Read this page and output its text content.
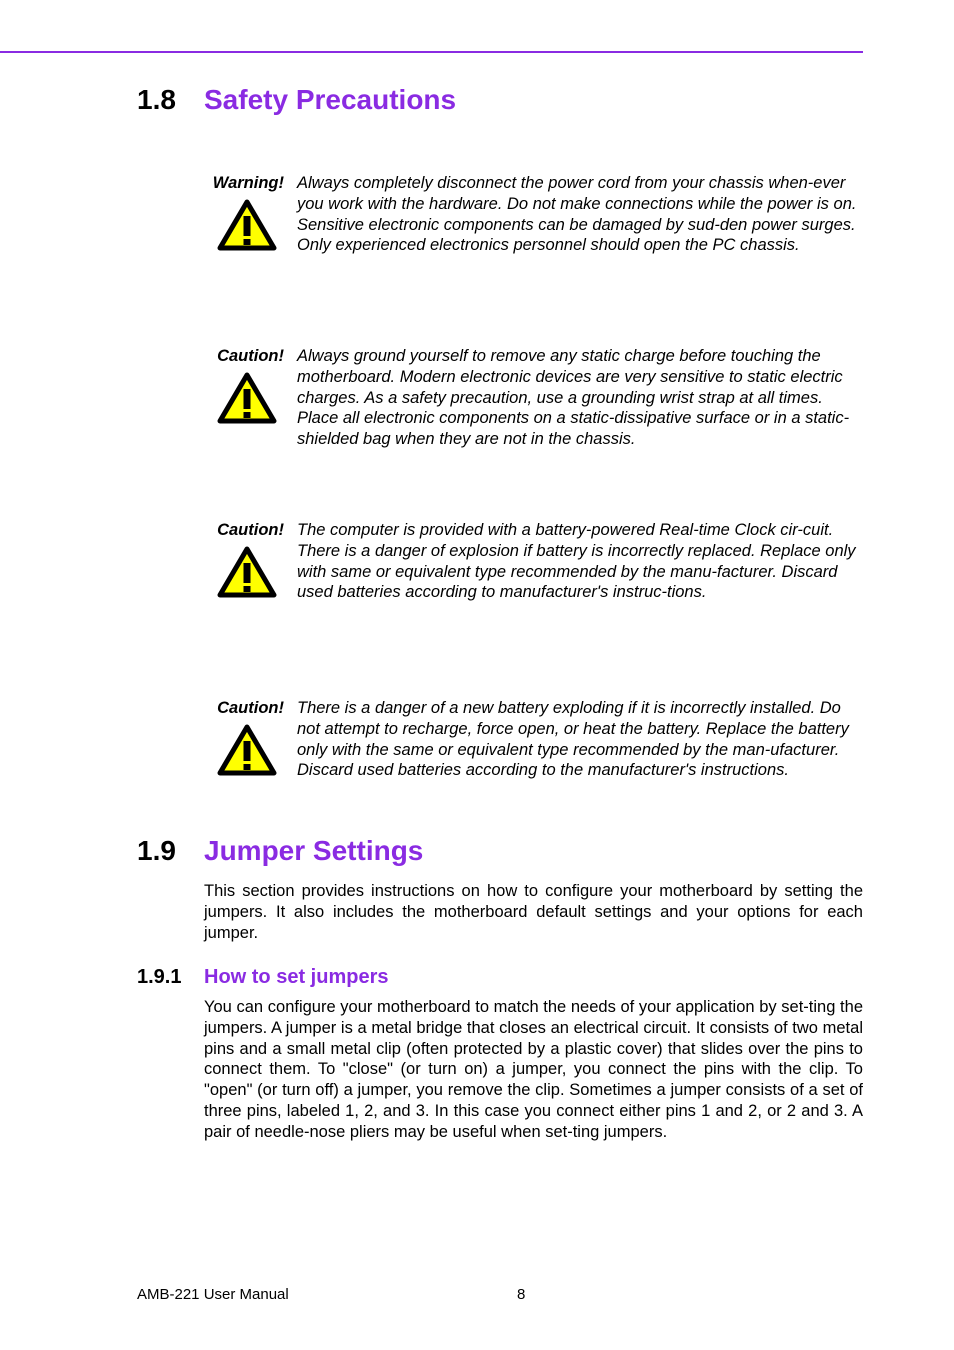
1.8 Safety Precautions
Warning! Always completely disconnect the power cord from your chassis when-ever you work with the hardware. Do not make connections while the power is on. Sensitive electronic components can be damaged by sud-den power surges. Only experienced electronics personnel should open the PC chassis.
Caution! Always ground yourself to remove any static charge before touching the motherboard. Modern electronic devices are very sensitive to static electric charges. As a safety precaution, use a grounding wrist strap at all times. Place all electronic components on a static-dissipative surface or in a static-shielded bag when they are not in the chassis.
Caution! The computer is provided with a battery-powered Real-time Clock cir-cuit. There is a danger of explosion if battery is incorrectly replaced. Replace only with same or equivalent type recommended by the manu-facturer. Discard used batteries according to manufacturer's instruc-tions.
Caution! There is a danger of a new battery exploding if it is incorrectly installed. Do not attempt to recharge, force open, or heat the battery. Replace the battery only with the same or equivalent type recommended by the man-ufacturer. Discard used batteries according to the manufacturer's instructions.
1.9 Jumper Settings

This section provides instructions on how to configure your motherboard by setting the jumpers. It also includes the motherboard default settings and your options for each jumper.

1.9.1 How to set jumpers

You can configure your motherboard to match the needs of your application by set-ting the jumpers. A jumper is a metal bridge that closes an electrical circuit. It consists of two metal pins and a small metal clip (often protected by a plastic cover) that slides over the pins to connect them. To "close" (or turn on) a jumper, you connect the pins with the clip. To "open" (or turn off) a jumper, you remove the clip. Sometimes a jumper consists of a set of three pins, labeled 1, 2, and 3. In this case you connect either pins 1 and 2, or 2 and 3. A pair of needle-nose pliers may be useful when set-ting jumpers.

AMB-221 User Manual	8
